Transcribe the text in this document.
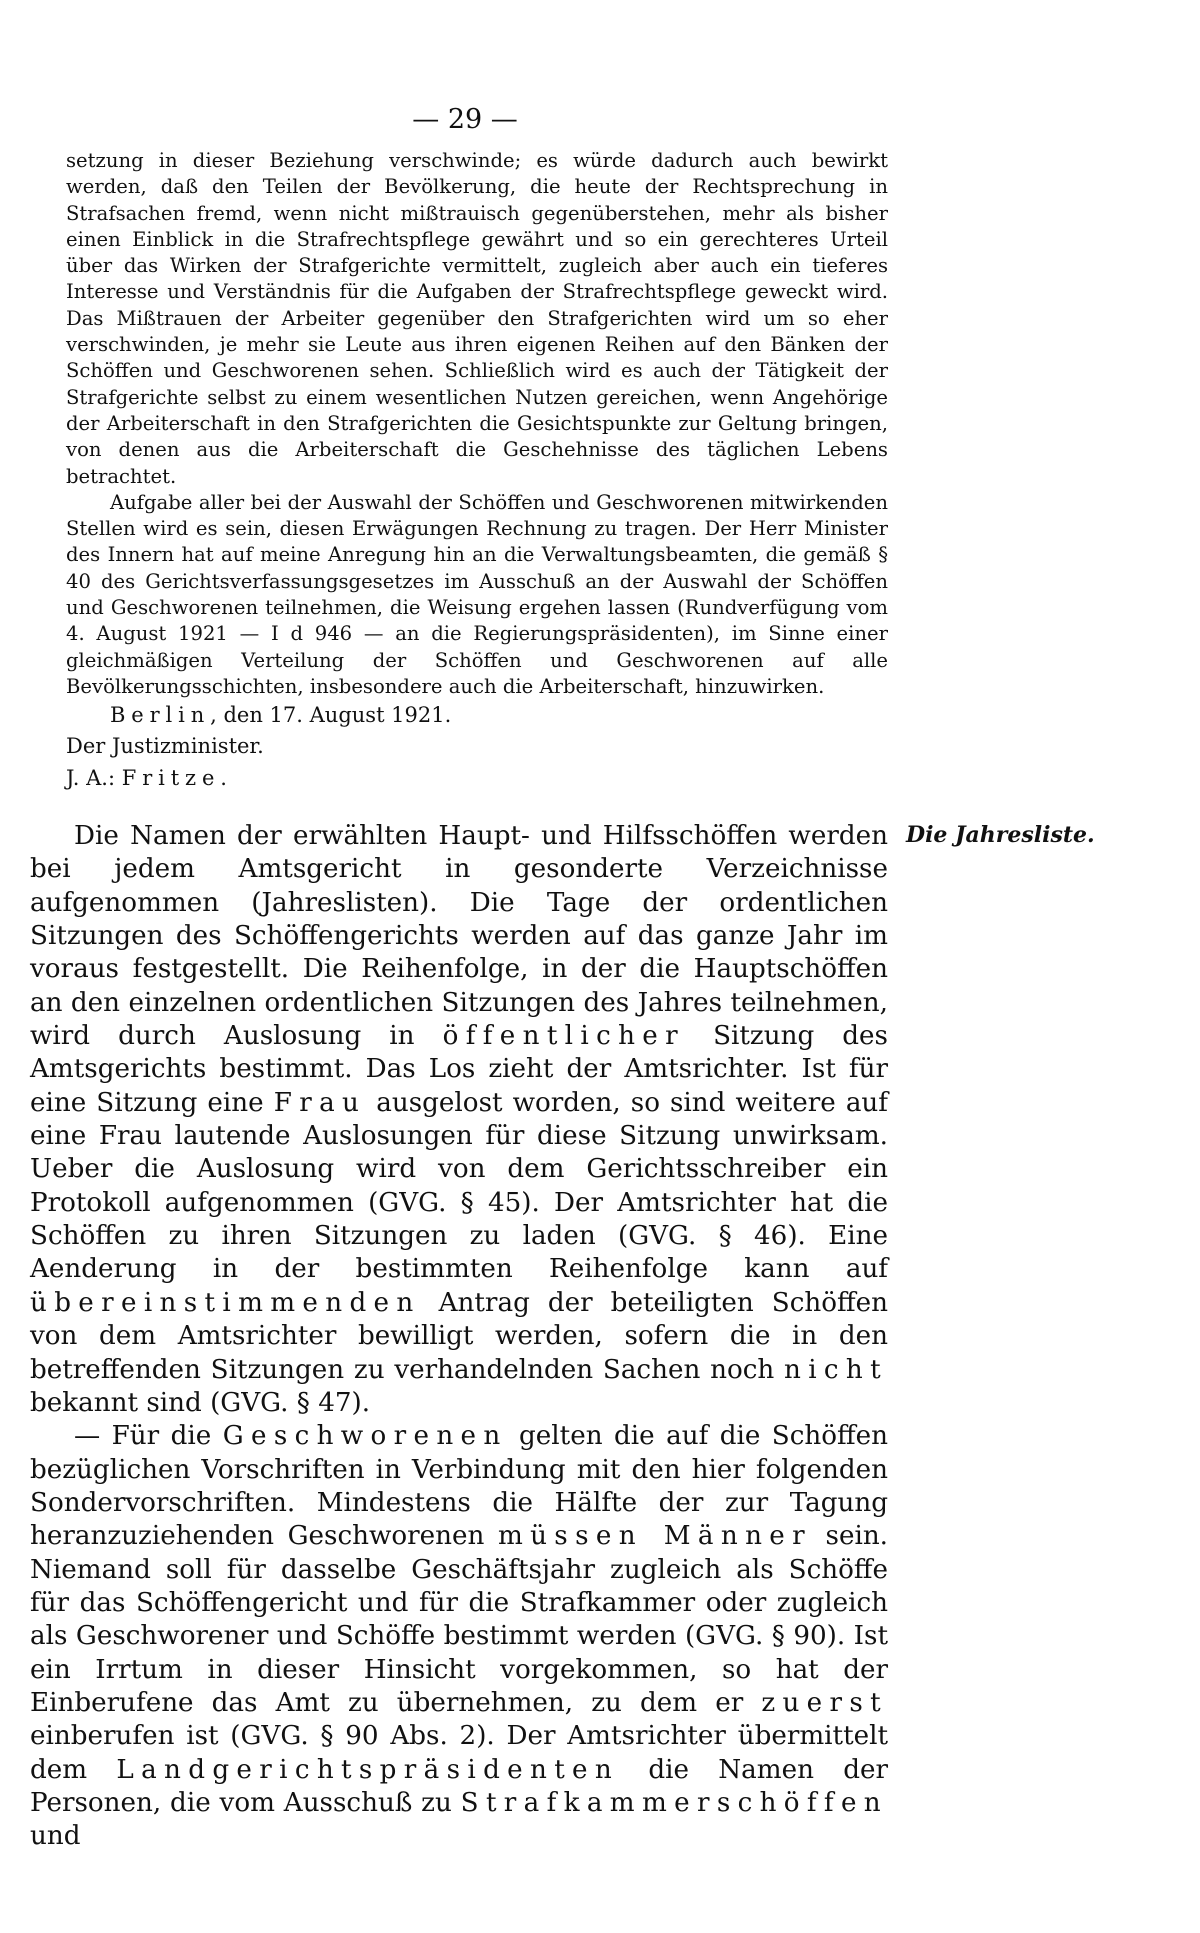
— 29 —

setzung in dieser Beziehung verschwinde; es würde dadurch auch bewirkt werden, daß den Teilen der Bevölkerung, die heute der Rechtsprechung in Strafsachen fremd, wenn nicht mißtrauisch gegenüberstehen, mehr als bisher einen Einblick in die Strafrechtspflege gewährt und so ein gerechteres Urteil über das Wirken der Strafgerichte vermittelt, zugleich aber auch ein tieferes Interesse und Verständnis für die Aufgaben der Strafrechtspflege geweckt wird. Das Mißtrauen der Arbeiter gegenüber den Strafgerichten wird um so eher verschwinden, je mehr sie Leute aus ihren eigenen Reihen auf den Bänken der Schöffen und Geschworenen sehen. Schließlich wird es auch der Tätigkeit der Strafgerichte selbst zu einem wesentlichen Nutzen gereichen, wenn Angehörige der Arbeiterschaft in den Strafgerichten die Gesichtspunkte zur Geltung bringen, von denen aus die Arbeiterschaft die Geschehnisse des täglichen Lebens betrachtet.

Aufgabe aller bei der Auswahl der Schöffen und Geschworenen mitwirkenden Stellen wird es sein, diesen Erwägungen Rechnung zu tragen. Der Herr Minister des Innern hat auf meine Anregung hin an die Verwaltungsbeamten, die gemäß § 40 des Gerichtsverfassungsgesetzes im Ausschuß an der Auswahl der Schöffen und Geschworenen teilnehmen, die Weisung ergehen lassen (Rundverfügung vom 4. August 1921 — I d 946 — an die Regierungspräsidenten), im Sinne einer gleichmäßigen Verteilung der Schöffen und Geschworenen auf alle Bevölkerungsschichten, insbesondere auch die Arbeiterschaft, hinzuwirken.

Berlin, den 17. August 1921.

Der Justizminister.

J. A.: Fritze.

Die Jahresliste.

Die Namen der erwählten Haupt- und Hilfsschöffen werden bei jedem Amtsgericht in gesonderte Verzeichnisse aufgenommen (Jahreslisten). Die Tage der ordentlichen Sitzungen des Schöffengerichts werden auf das ganze Jahr im voraus festgestellt. Die Reihenfolge, in der die Hauptschöffen an den einzelnen ordentlichen Sitzungen des Jahres teilnehmen, wird durch Auslosung in öffentlicher Sitzung des Amtsgerichts bestimmt. Das Los zieht der Amtsrichter. Ist für eine Sitzung eine Frau ausgelost worden, so sind weitere auf eine Frau lautende Auslosungen für diese Sitzung unwirksam. Ueber die Auslosung wird von dem Gerichtsschreiber ein Protokoll aufgenommen (GVG. § 45). Der Amtsrichter hat die Schöffen zu ihren Sitzungen zu laden (GVG. § 46). Eine Aenderung in der bestimmten Reihenfolge kann auf übereinstimmenden Antrag der beteiligten Schöffen von dem Amtsrichter bewilligt werden, sofern die in den betreffenden Sitzungen zu verhandelnden Sachen noch nicht bekannt sind (GVG. § 47).

— Für die Geschworenen gelten die auf die Schöffen bezüglichen Vorschriften in Verbindung mit den hier folgenden Sondervorschriften. Mindestens die Hälfte der zur Tagung heranzuziehenden Geschworenen müssen Männer sein. Niemand soll für dasselbe Geschäftsjahr zugleich als Schöffe für das Schöffengericht und für die Strafkammer oder zugleich als Geschworener und Schöffe bestimmt werden (GVG. § 90). Ist ein Irrtum in dieser Hinsicht vorgekommen, so hat der Einberufene das Amt zu übernehmen, zu dem er zuerst einberufen ist (GVG. § 90 Abs. 2). Der Amtsrichter übermittelt dem Landgerichtspräsidenten die Namen der Personen, die vom Ausschuß zu Strafkammerschöffen und
